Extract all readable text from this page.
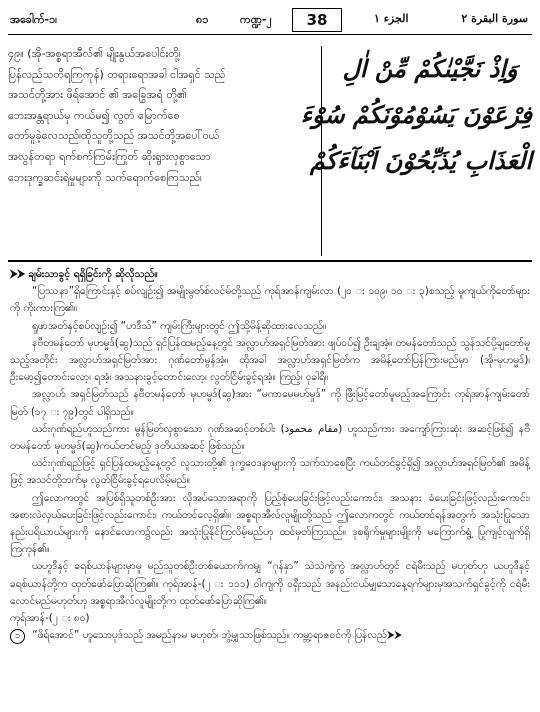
အခေါက်-၁၊	၈၁	ကဏ္ဍ-၂	38	الجزء ١	سورة البقرة ٢

၄၉။ (အို-အစ္စရာအီလ်၏ မျိုးနွယ်အပေါင်းတို့၊

ပြန်လည်သတိရကြကုန်) တရားရောအခါ ငါအရှင် သည်

အသင်တို့အား ဖိရ်အောင် ၏ အခြွေအရံ တို့၏

ဘေးအန္တရာယ်မှ ကယ်မ၍ လွတ် မြောက်စေ

တော်မူခဲ့လေသည်၊ထိုသူတို့သည် အသင်တို့အပေါ်ဝယ်

အလွန်တရာ ရက်စက်ကြမ်းကြုတ် ဆိုးရွားလှစွာသော

ဘေးဒုက္ခဆင်းရဲမှုများကို သက်ရောက်စေကြသည်၊

وَاِذْ نَجَّيْنٰكُمْ مِّنْ اٰلِ
فِرْعَوْنَ يَسُوْمُوْنَكُمْ سُوْءَ
الْعَذَابِ يُذَبِّحُوْنَ اَبْنَآءَكُمْ

⮞⮞ ချမ်းသာခွင့် ရရှိခြင်းကို ဆိုလိုသည်။

“ပြဿနာ”ရှိကြောင်းနှင့် စပ်လျဉ်း၍ အမျိုးမွတ်စ်လင်မ်တို့သည် ကုရ်အာန်ကျမ်းလာ (၂၀ း ၁၀၉၊ ၁၀ း ၃)စသည့် မူကျယ်ကိုတော်များကို ကိုးကားကြ၏။

ရှုဖာအတ်နှင့်စပ်လျဉ်း၍ “ဟဒီသ်” ကျမ်းကြီးများတွင် ဤသို့မိန့်ဆိုထားလေသည်။

နဗီတမန်တော် မုဟမ္မဒ်(ဆွ)သည် ရှင်ပြန်ထမည့်နေ့တွင် အလ္လာဟ်အရှင်မြတ်အား ဖျပ်ဝပ်၍ ဦးချအံ့။ တမန်တော်သည် သွန်သင်ပို့ချတော်မူသည့်အတိုင်း အလ္လာဟ်အရှင်မြတ်အား ဂုဏ်တော်မွန်အံ့။ ထိုအခါ အလ္လာဟ်အရှင်မြတ်က အမိန့်တော်ပြန်ကြားမည်မှာ (အို-မုဟမ္မဒ်)၊ ဦးမော့၍တောင်းလော့၊ ရအံ့၊ အသနားခွင့်တောင်းလော့၊ လွတ်ငြိမ်းခွင့်ရအံ့။ ကြည့်၊ ဝုခါရီ။

အလ္လာဟ် အရှင်မြတ်သည် နဗီတမန်တော် မုဟမ္မဒ်(ဆွ)အား “မကာမေမဟ်မှုဒ်” ကို ဖြီးမြင့်တော်မူမည့်အကြောင်း ကုရ်အာန်ကျမ်းတော်မြတ် (၁၇ း ၇၉)တွင် ပါရှိသည်။

ယင်းဂုဏ်ရည်ဟူသည်ကား မွန်မြတ်လှစွာသော ဂုဏ်အဆင့်တစ်ပါး (مقام محمود) ဟူသည်ကား အကျော်ကြားဆုံး အဆင့်ဖြစ်၍ နဗီတမန်တော် မုဟမ္မဒ်(ဆွ)ကယ်တင်မည့် ဒုတိယအဆင့် ဖြစ်သည်။

ယင်းဂုဏ်ရည်ဖြင့် ရှင်ပြန်ထမည့်နေ့တွင် လူသားတို့၏ ဒုက္ခဝေဒနာများကို သက်သာစေပြီး ကယ်တင်ခွင့်ရှိ၍ အလ္လာဟ်အရှင်မြတ်၏ အမိန့်ဖြင့် အသင်တို့ဘက်မှ လွတ်ငြိမ်းခွင့်ရပေလိမ့်မည်။

ဤလောကတွင် အပြစ်ရှိသူတစ်ဦးအား လိုအပ်သောအရာကို ပြည့်စုံပေးခြင်းဖြင့်လည်းကောင်း၊ အသနား ခံပေးခြင်းဖြင့်လည်းကောင်း၊ အစားလဲလှယ်ပေးခြင်းဖြင့်လည်းကောင်း၊ ကယ်တင်လေ့ရှိ၏။ အစ္စရာအီလ်လူမျိုးတို့သည် ဤလောကတွင် ကယ်တင်ရန်အတွက် အသုံးပြုသော နည်းပရိယာယ်များကို နောင်လောက၌လည်း အသုံးပြုနိုင်ကြလိမ့်မည်ဟု ထင်မှတ်ကြသည်။ ဒုစရိုက်မှုများမျိုးကို မကြောက်ရွံ့ ပြုကျင့်လျက်ရှိကြကုန်၏။

ယဟူဒီနှင့် ခရစ်ယာန်များမှာမူ မည်သူတစ်ဦးတစ်ယောက်ကမျှ “ဂုန်နှာ” သဲသဲကွဲကွဲ အလ္လာဟ်တွင် ငရဲမီးသည် မဟုတ်ဟု ယဟူဒီနှင့်ခရစ်ယာန်တို့က ထုတ်ဖော်ပြောဆိုကြ၏။ ကုရ်အာန်-(၂ း ၁၁၁) ဝါကျကို ဝရှီးသည် အနည်းငယ်မျှသောနေ့ရက်များမှအသက်ရှင်ခွင့်ကို ငရဲမီးလောင်မည်မဟုတ်ဟု အစ္စရာအီလ်လူမျိုးတို့က ထုတ်ဖော်ပြောဆိုကြ၏။

ကုရ်အာန်-(၂ း ၈၀)

၁ “ဖိရ်အောင်” ဟူသောပုဒ်သည် အမည်နာမ မဟုတ်၊ ဘွဲ့မျှသာဖြစ်သည်။ ကမ္ဘာ့ရာဇဝင်ကို ပြန်လည်⮞⮞
